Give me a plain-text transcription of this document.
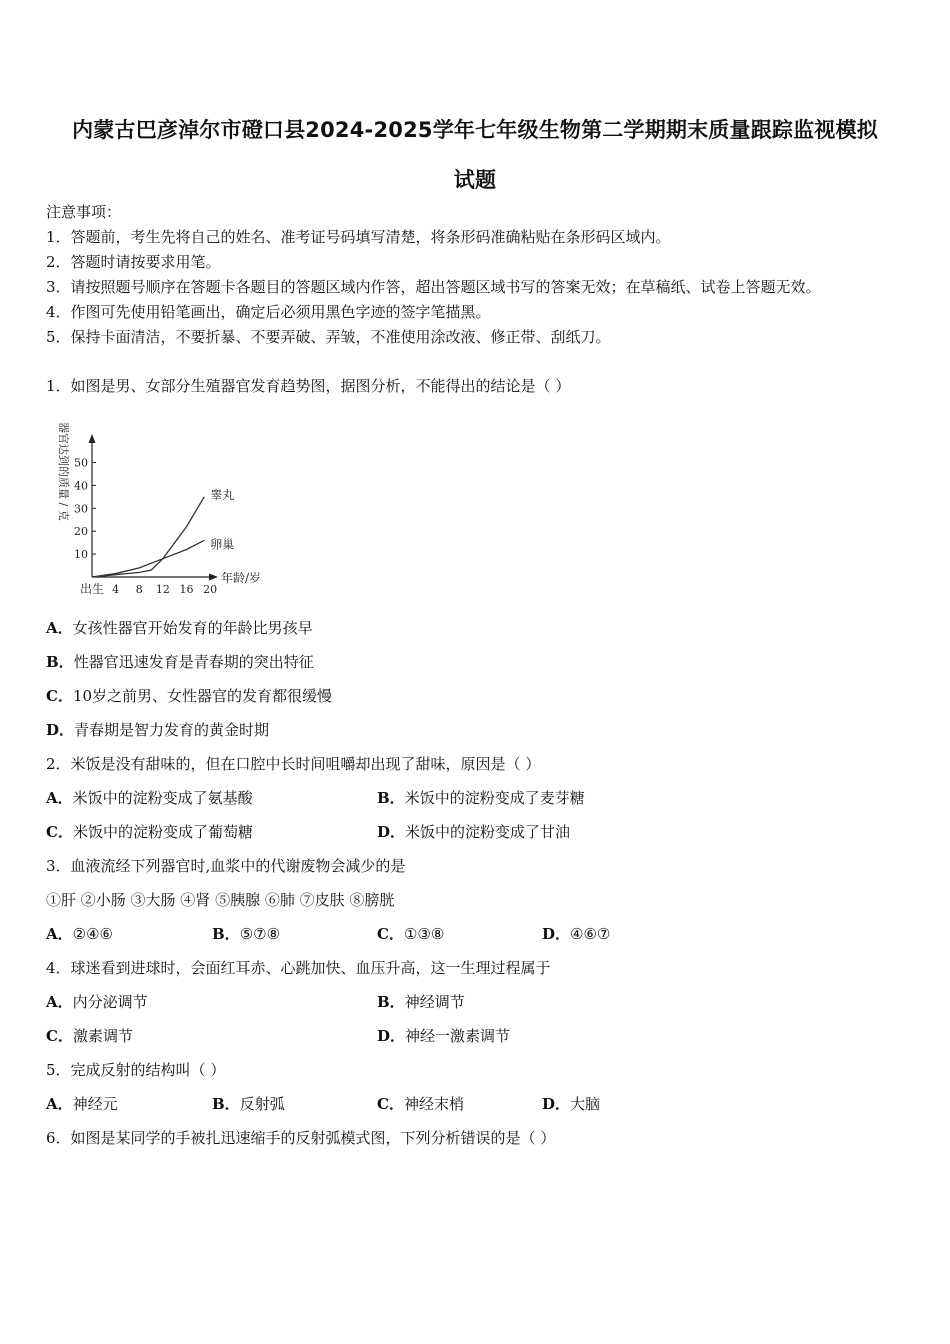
内蒙古巴彦淖尔市磴口县2024-2025学年七年级生物第二学期期末质量跟踪监视模拟
试题
注意事项：
1．答题前，考生先将自己的姓名、准考证号码填写清楚，将条形码准确粘贴在条形码区域内。
2．答题时请按要求用笔。
3．请按照题号顺序在答题卡各题目的答题区域内作答，超出答题区域书写的答案无效；在草稿纸、试卷上答题无效。
4．作图可先使用铅笔画出，确定后必须用黑色字迹的签字笔描黑。
5．保持卡面清洁，不要折暴、不要弄破、弄皱，不准使用涂改液、修正带、刮纸刀。
1．如图是男、女部分生殖器官发育趋势图，据图分析，不能得出的结论是（ ）
器官达到的质量 / 克
10
20
30
40
50
4 8 12 16 20
出生
年龄/岁
睾丸
卵巢
A．女孩性器官开始发育的年龄比男孩早
B．性器官迅速发育是青春期的突出特征
C．10岁之前男、女性器官的发育都很缓慢
D．青春期是智力发育的黄金时期
2．米饭是没有甜味的，但在口腔中长时间咀嚼却出现了甜味，原因是（ ）
A．米饭中的淀粉变成了氨基酸	B．米饭中的淀粉变成了麦芽糖
C．米饭中的淀粉变成了葡萄糖	D．米饭中的淀粉变成了甘油
3．血液流经下列器官时,血浆中的代谢废物会减少的是
①肝 ②小肠 ③大肠 ④肾 ⑤胰腺 ⑥肺 ⑦皮肤 ⑧膀胱
A．②④⑥	B．⑤⑦⑧	C．①③⑧	D．④⑥⑦
4．球迷看到进球时，会面红耳赤、心跳加快、血压升高，这一生理过程属于
A．内分泌调节	B．神经调节
C．激素调节	D．神经一激素调节
5．完成反射的结构叫（ ）
A．神经元	B．反射弧	C．神经末梢	D．大脑
6．如图是某同学的手被扎迅速缩手的反射弧模式图，下列分析错误的是（ ）
